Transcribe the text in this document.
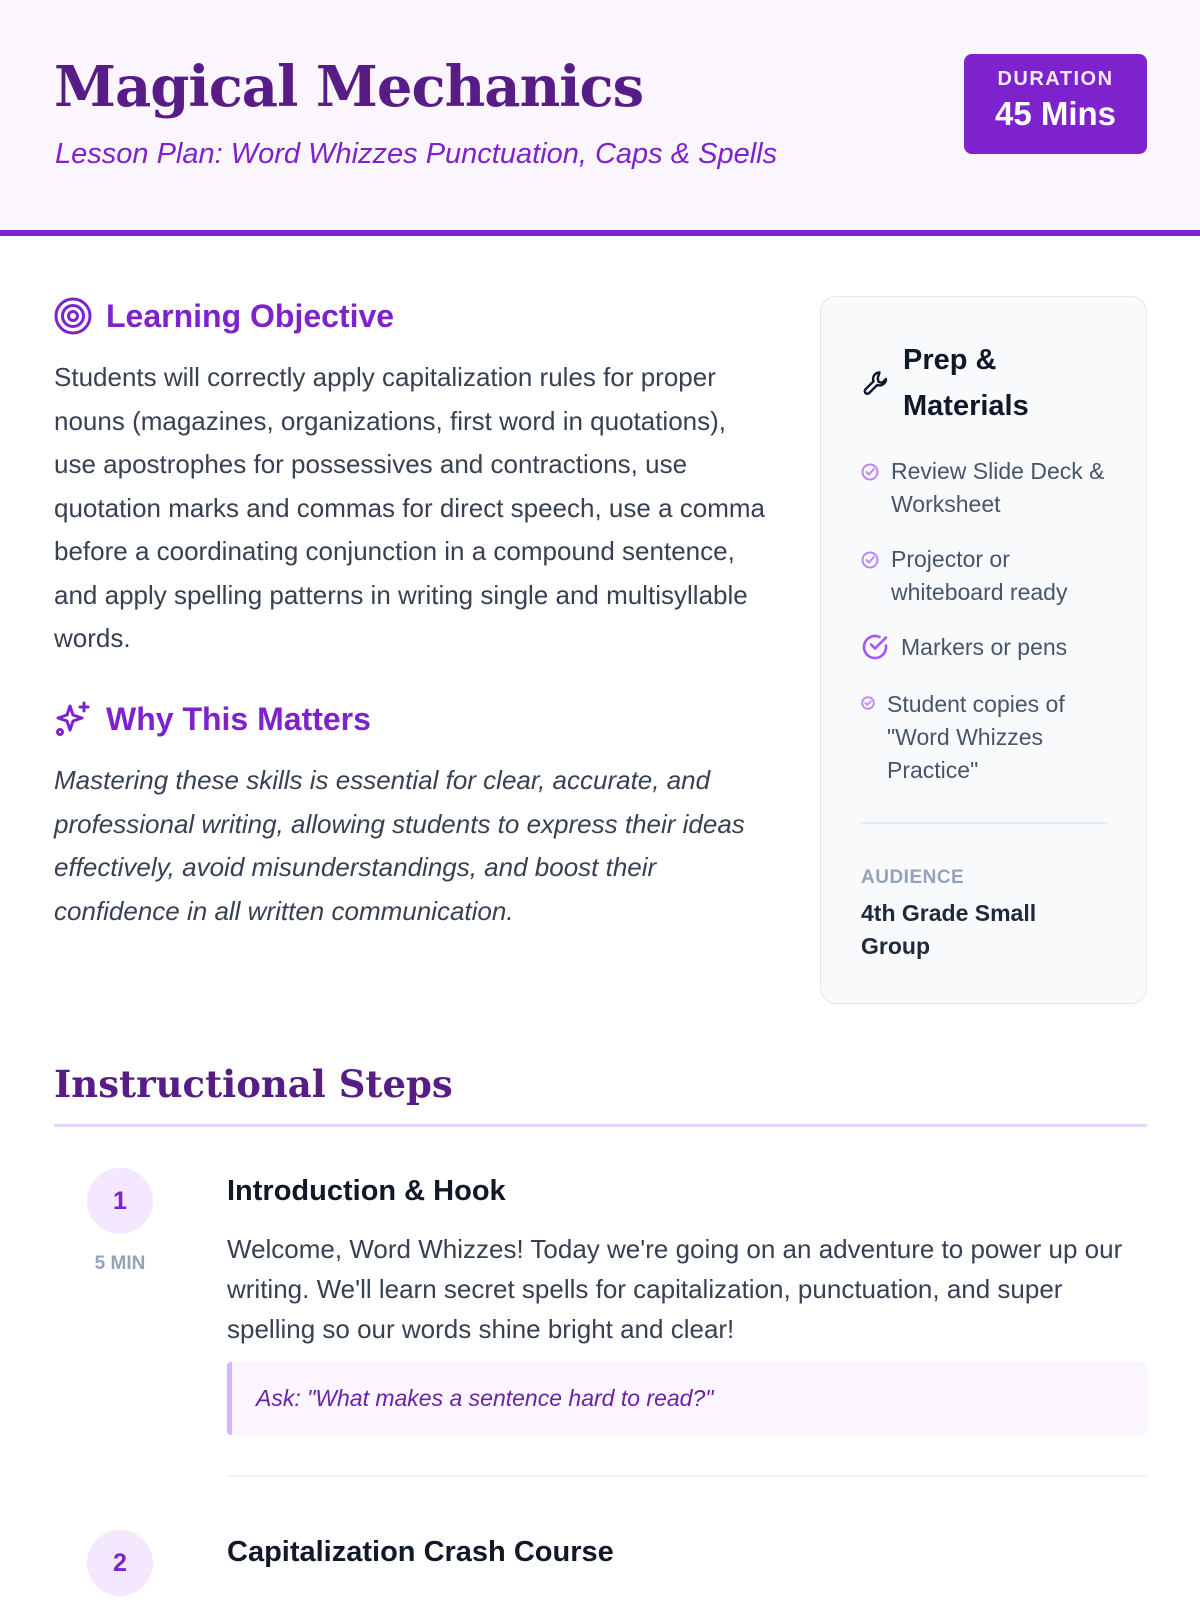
Magical Mechanics
Lesson Plan: Word Whizzes Punctuation, Caps & Spells
DURATION
45 Mins
Learning Objective

Students will correctly apply capitalization rules for proper nouns (magazines, organizations, first word in quotations), use apostrophes for possessives and contractions, use quotation marks and commas for direct speech, use a comma before a coordinating conjunction in a compound sentence, and apply spelling patterns in writing single and multisyllable words.

Why This Matters

Mastering these skills is essential for clear, accurate, and professional writing, allowing students to express their ideas effectively, avoid misunderstandings, and boost their confidence in all written communication.

Prep & Materials
Review Slide Deck & Worksheet
Projector or whiteboard ready
Markers or pens
Student copies of "Word Whizzes Practice"
AUDIENCE
4th Grade Small Group
Instructional Steps
1
5 MIN
Introduction & Hook

Welcome, Word Whizzes! Today we're going on an adventure to power up our writing. We'll learn secret spells for capitalization, punctuation, and super spelling so our words shine bright and clear!

Ask: "What makes a sentence hard to read?"
2	Capitalization Crash Course
